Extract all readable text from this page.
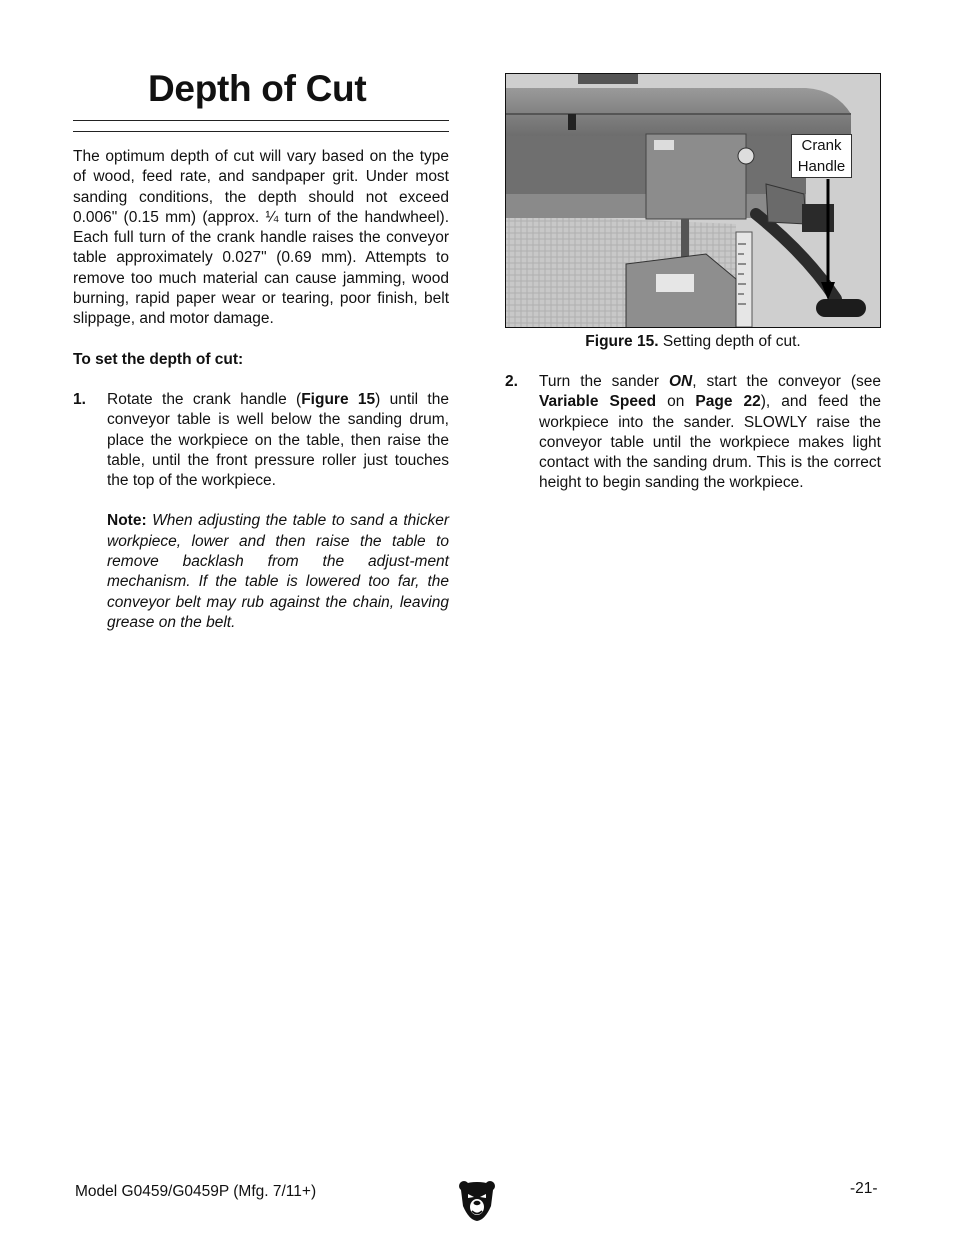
Depth of Cut

The optimum depth of cut will vary based on the type of wood, feed rate, and sandpaper grit. Under most sanding conditions, the depth should not exceed 0.006" (0.15 mm) (approx. ¼ turn of the handwheel). Each full turn of the crank handle raises the conveyor table approximately 0.027" (0.69 mm). Attempts to remove too much material can cause jamming, wood burning, rapid paper wear or tearing, poor finish, belt slippage, and motor damage.

To set the depth of cut:

1. Rotate the crank handle (Figure 15) until the conveyor table is well below the sanding drum, place the workpiece on the table, then raise the table, until the front pressure roller just touches the top of the workpiece.

Note: When adjusting the table to sand a thicker workpiece, lower and then raise the table to remove backlash from the adjust-ment mechanism. If the table is lowered too far, the conveyor belt may rub against the chain, leaving grease on the belt.

Crank
Handle
Figure 15. Setting depth of cut.
2. Turn the sander ON, start the conveyor (see Variable Speed on Page 22), and feed the workpiece into the sander. SLOWLY raise the conveyor table until the workpiece makes light contact with the sanding drum. This is the correct height to begin sanding the workpiece.
Model G0459/G0459P (Mfg. 7/11+)	-21-
